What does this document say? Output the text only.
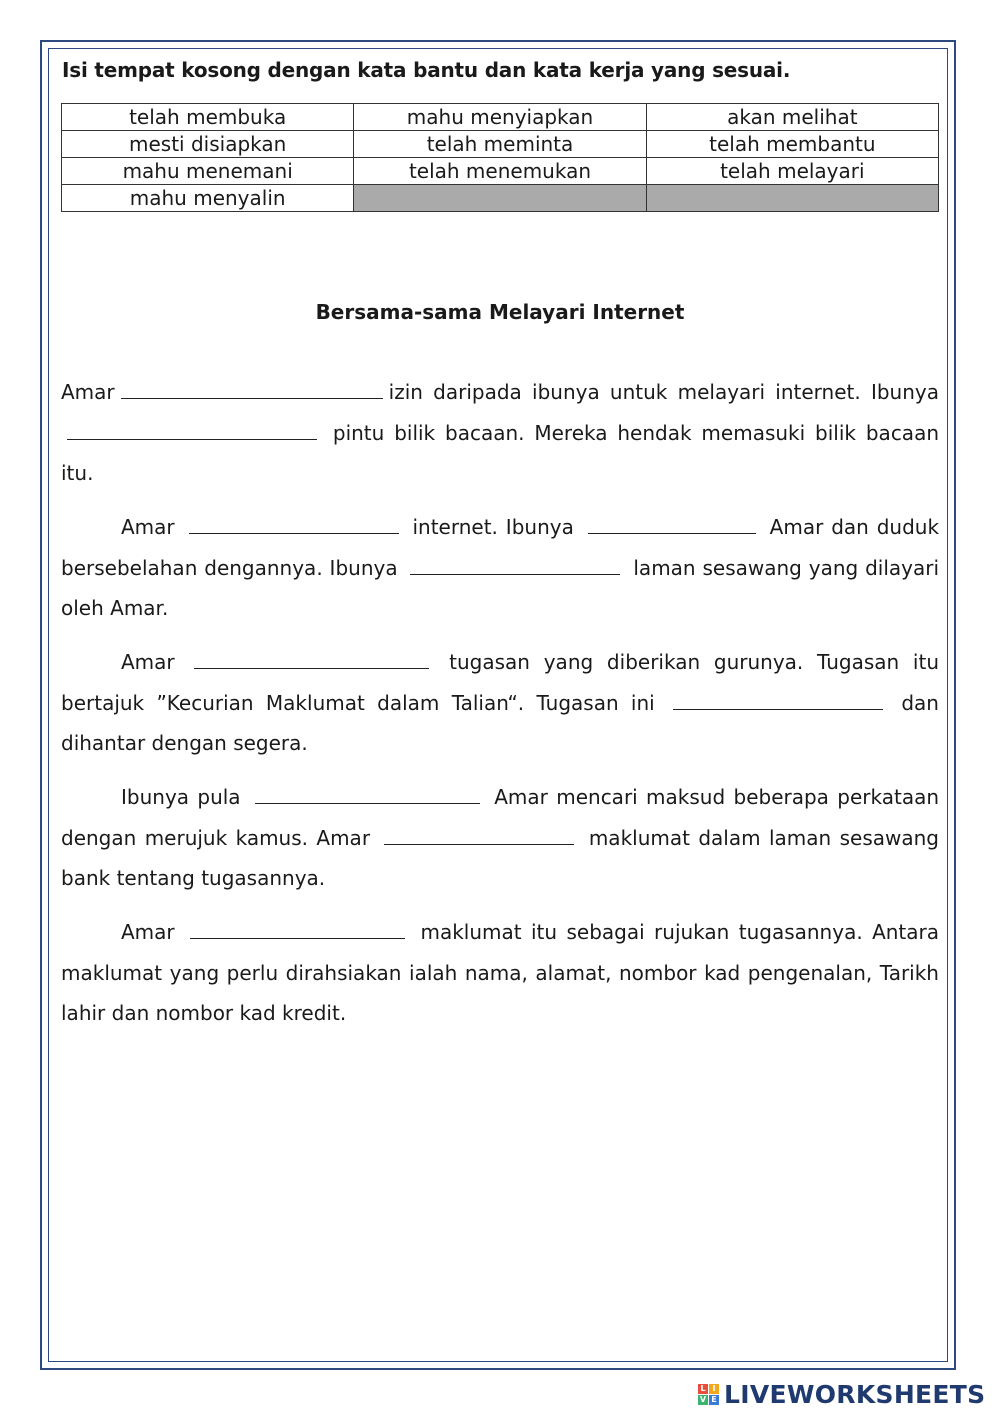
Isi tempat kosong dengan kata bantu dan kata kerja yang sesuai.
telah membuka	mahu menyiapkan	akan melihat
mesti disiapkan	telah meminta	telah membantu
mahu menemani	telah menemukan	telah melayari
mahu menyalin		
Bersama-sama Melayari Internet
Amar	izin daripada ibunya untuk melayari internet. Ibunya  pintu bilik bacaan. Mereka hendak memasuki bilik bacaan itu.
Amar	internet. Ibunya	Amar dan duduk bersebelahan dengannya. Ibunya	laman sesawang yang dilayari oleh Amar.
Amar	tugasan yang diberikan gurunya. Tugasan itu bertajuk ”Kecurian Maklumat dalam Talian“. Tugasan ini	dan dihantar dengan segera.
Ibunya pula	Amar mencari maksud beberapa perkataan dengan merujuk kamus. Amar	maklumat dalam laman sesawang bank tentang tugasannya.
Amar	maklumat itu sebagai rujukan tugasannya. Antara maklumat yang perlu dirahsiakan ialah nama, alamat, nombor kad pengenalan, Tarikh lahir dan nombor kad kredit.
L I
V E LIVEWORKSHEETS
